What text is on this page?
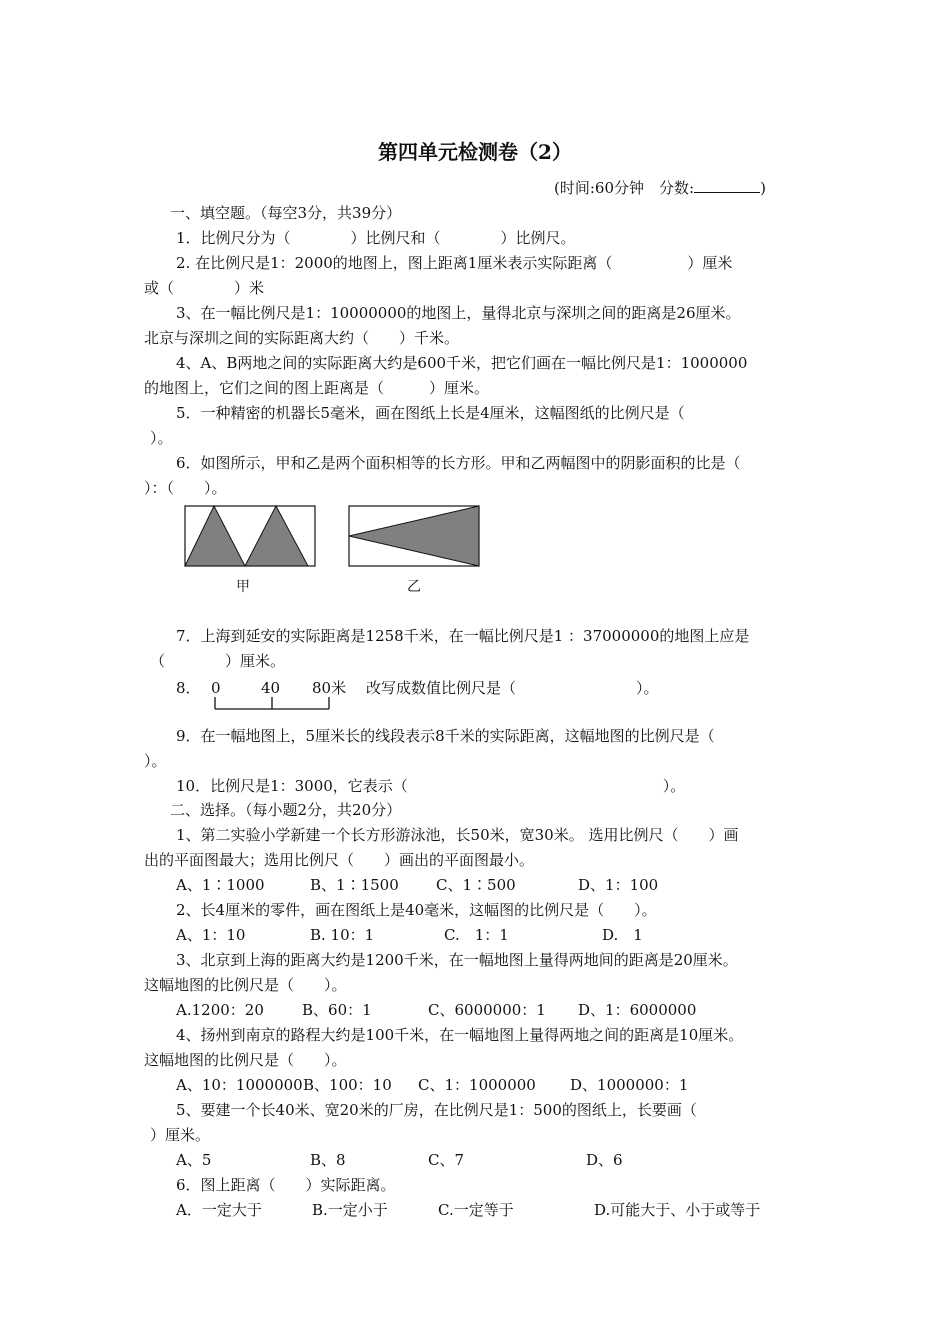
第四单元检测卷（2）
(时间:60分钟　分数:	)
一、填空题。（每空3分，共39分）
1．比例尺分为（　　　　）比例尺和（　　　　）比例尺。
2. 在比例尺是1：2000的地图上，图上距离1厘米表示实际距离（　　　　　）厘米
或（　　　　）米
3、在一幅比例尺是1：10000000的地图上，量得北京与深圳之间的距离是26厘米。
北京与深圳之间的实际距离大约（　　）千米。
4、A、B两地之间的实际距离大约是600千米，把它们画在一幅比例尺是1：1000000
的地图上，它们之间的图上距离是（　　　）厘米。
5．一种精密的机器长5毫米，画在图纸上长是4厘米，这幅图纸的比例尺是（
）。
6．如图所示，甲和乙是两个面积相等的长方形。甲和乙两幅图中的阴影面积的比是（
）：（　　）。
甲	乙
7．上海到延安的实际距离是1258千米，在一幅比例尺是1 ：37000000的地图上应是
（　　　　）厘米。
8． 0	40 80米 改写成数值比例尺是（　　　　　　　　）。
9．在一幅地图上，5厘米长的线段表示8千米的实际距离，这幅地图的比例尺是（
）。
10．比例尺是1：3000，它表示（　　　　　　　　　　　　　　　　　）。
二、选择。（每小题2分，共20分）
1、第二实验小学新建一个长方形游泳池，长50米，宽30米。 选用比例尺（　　）画
出的平面图最大；选用比例尺（　　）画出的平面图最小。
A、1∶1000	B、1∶1500 C、1∶500	D、1：100
2、长4厘米的零件，画在图纸上是40毫米，这幅图的比例尺是（　　）。
A、1：10	B. 10：1	C.　1：1	D.　1
3、北京到上海的距离大约是1200千米，在一幅地图上量得两地间的距离是20厘米。
这幅地图的比例尺是（　　）。
A.1200：20	B、60：1	C、6000000：1 D、1：6000000
4、扬州到南京的路程大约是100千米，在一幅地图上量得两地之间的距离是10厘米。
这幅地图的比例尺是（　　）。
A、10：1000000 B、100：10 C、1：1000000 D、1000000：1
5、要建一个长40米、宽20米的厂房，在比例尺是1：500的图纸上，长要画（
）厘米。
A、5	B、8	C、7	D、6
6．图上距离（　　）实际距离。
A．一定大于	B.一定小于	C.一定等于	D.可能大于、小于或等于
